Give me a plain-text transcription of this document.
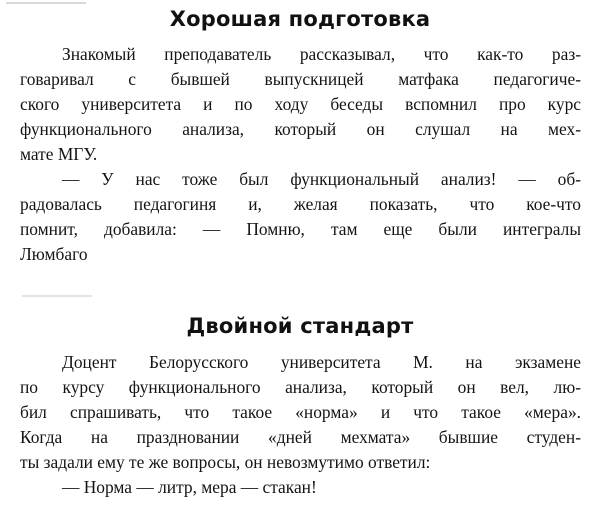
Хорошая подготовка
Знакомый преподаватель рассказывал, что как-то раз-
говаривал с бывшей выпускницей матфака педагогиче-
ского университета и по ходу беседы вспомнил про курс
функционального анализа, который он слушал на мех-
мате МГУ.
— У нас тоже был функциональный анализ! — об-
радовалась педагогиня и, желая показать, что кое-что
помнит, добавила: — Помню, там еще были интегралы
Люмбаго
Двойной стандарт
Доцент Белорусского университета М. на экзамене
по курсу функционального анализа, который он вел, лю-
бил спрашивать, что такое «норма» и что такое «мера».
Когда на праздновании «дней мехмата» бывшие студен-
ты задали ему те же вопросы, он невозмутимо ответил:
— Норма — литр, мера — стакан!
